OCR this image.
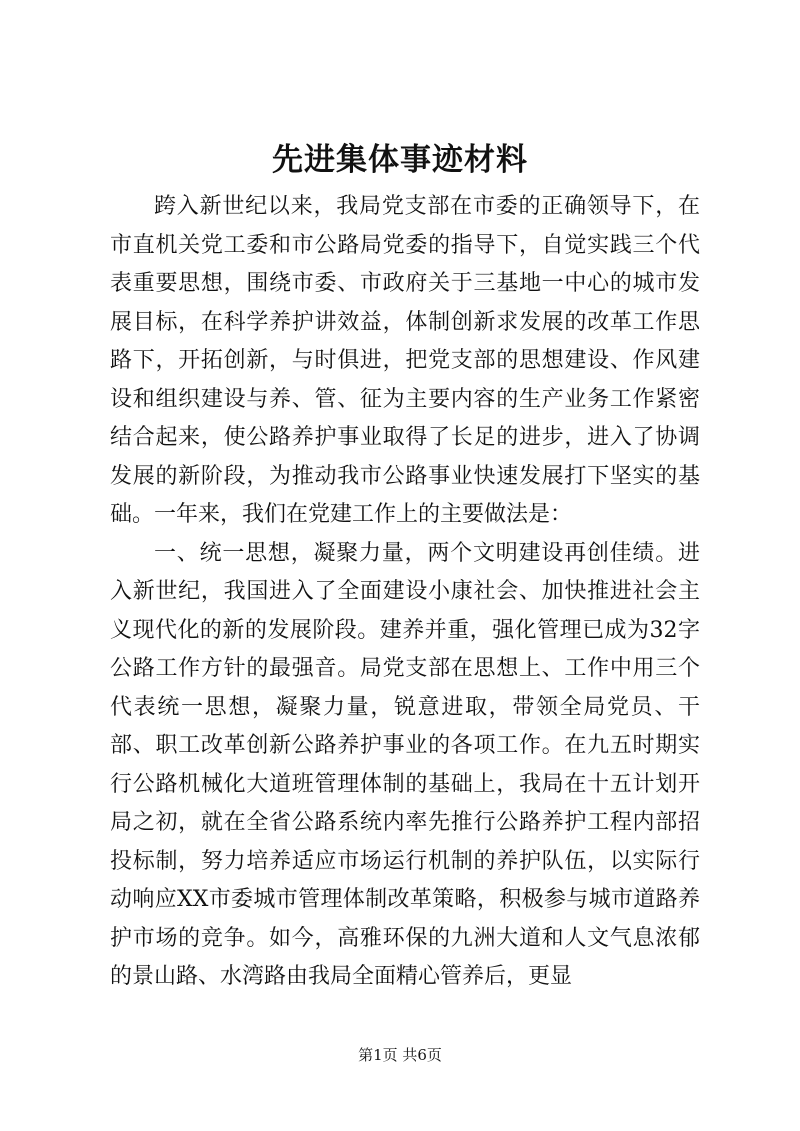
先进集体事迹材料

跨入新世纪以来，我局党支部在市委的正确领导下，在市直机关党工委和市公路局党委的指导下，自觉实践三个代表重要思想，围绕市委、市政府关于三基地一中心的城市发展目标，在科学养护讲效益，体制创新求发展的改革工作思路下，开拓创新，与时俱进，把党支部的思想建设、作风建设和组织建设与养、管、征为主要内容的生产业务工作紧密结合起来，使公路养护事业取得了长足的进步，进入了协调发展的新阶段，为推动我市公路事业快速发展打下坚实的基础。一年来，我们在党建工作上的主要做法是：

一、统一思想，凝聚力量，两个文明建设再创佳绩。进入新世纪，我国进入了全面建设小康社会、加快推进社会主义现代化的新的发展阶段。建养并重，强化管理已成为32字公路工作方针的最强音。局党支部在思想上、工作中用三个代表统一思想，凝聚力量，锐意进取，带领全局党员、干部、职工改革创新公路养护事业的各项工作。在九五时期实行公路机械化大道班管理体制的基础上，我局在十五计划开局之初，就在全省公路系统内率先推行公路养护工程内部招投标制，努力培养适应市场运行机制的养护队伍，以实际行动响应XX市委城市管理体制改革策略，积极参与城市道路养护市场的竞争。如今，高雅环保的九洲大道和人文气息浓郁的景山路、水湾路由我局全面精心管养后，更显

第1页 共6页
